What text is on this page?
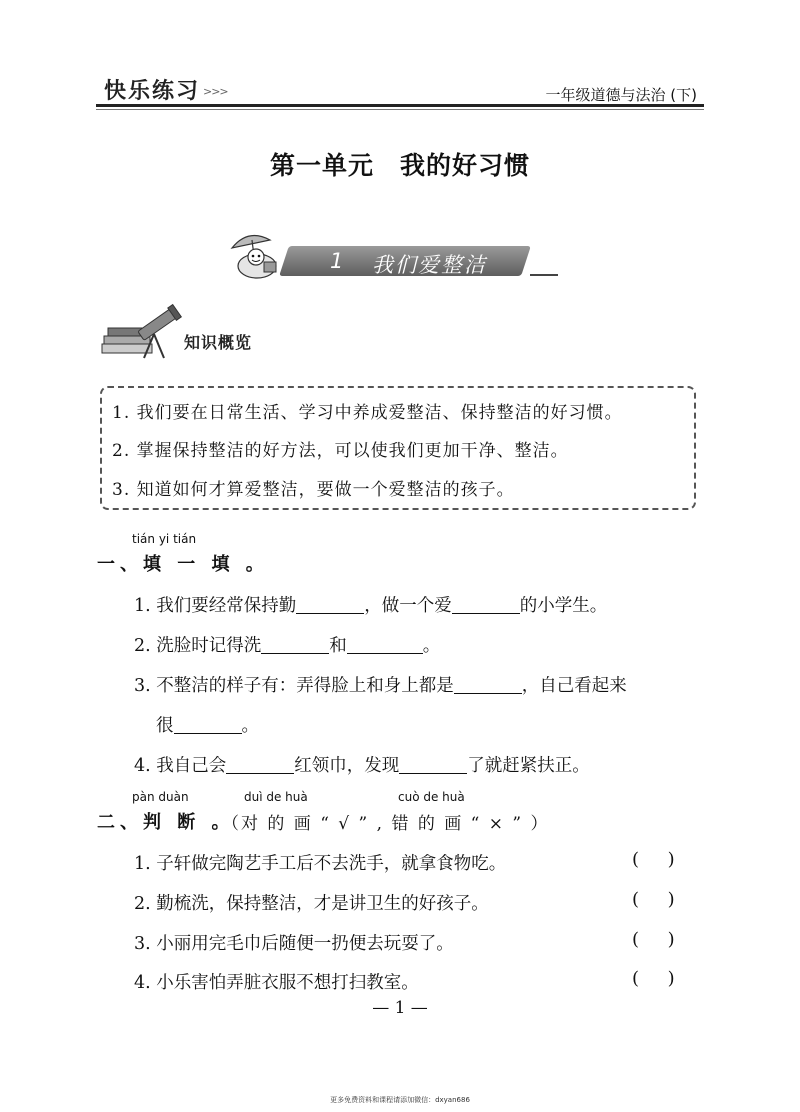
快乐练习 >>>	一年级道德与法治 (下)
第一单元　我的好习惯
1 我们爱整洁
知识概览
1. 我们要在日常生活、学习中养成爱整洁、保持整洁的好习惯。
2. 掌握保持整洁的好方法，可以使我们更加干净、整洁。
3. 知道如何才算爱整洁，要做一个爱整洁的孩子。
tián yi tián
一、填 一 填 。
1. 我们要经常保持勤	，做一个爱	的小学生。
2. 洗脸时记得洗	和	。
3. 不整洁的样子有：弄得脸上和身上都是	，自己看起来
很	。
4. 我自己会	红领巾，发现	了就赶紧扶正。
pàn duàn	duì de huà	cuò de huà
二、判 断 。
（对 的 画 “ √ ” , 错 的 画 “ × ” ）
1. 子轩做完陶艺手工后不去洗手，就拿食物吃。	(     )
2. 勤梳洗，保持整洁，才是讲卫生的好孩子。	(     )
3. 小丽用完毛巾后随便一扔便去玩耍了。	(     )
4. 小乐害怕弄脏衣服不想打扫教室。	(     )
— 1 —
更多免费资料和课程请添加微信：dxyan686
